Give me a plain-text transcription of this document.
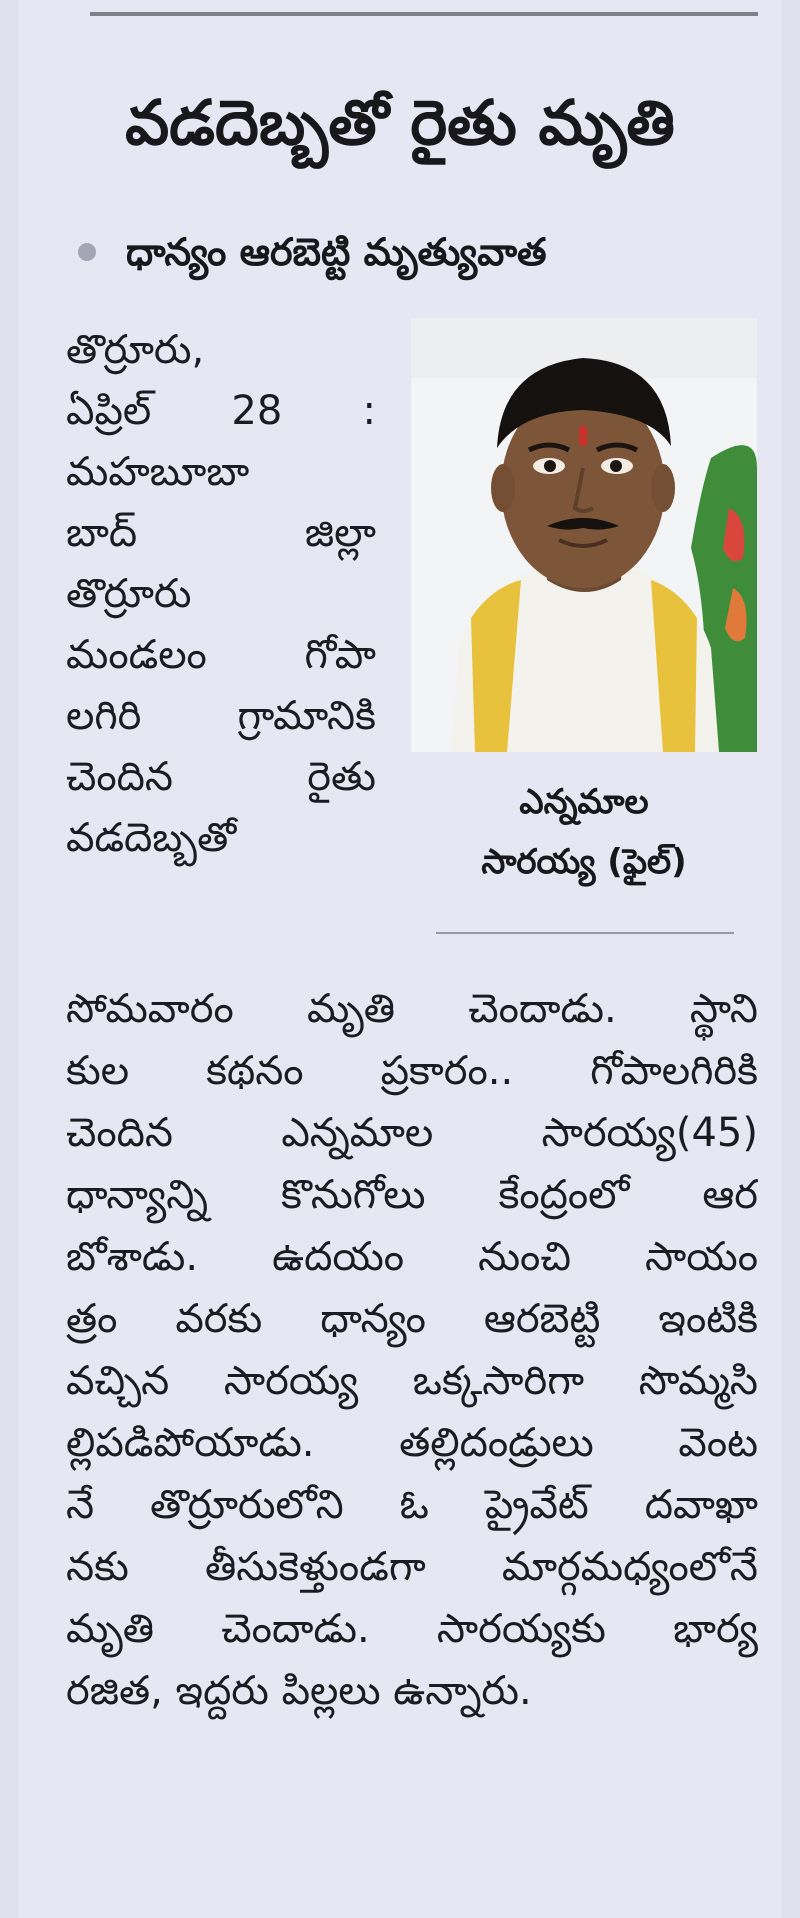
వడదెబ్బతో రైతు మృతి
ధాన్యం ఆరబెట్టి మృత్యువాత
ఎన్నమాల
సారయ్య (ఫైల్)
తొర్రూరు,
ఏప్రిల్ 28 :
మహబూబా
బాద్ జిల్లా
తొర్రూరు
మండలం గోపా
లగిరి గ్రామానికి
చెందిన రైతు
వడదెబ్బతో
సోమవారం మృతి చెందాడు. స్థాని
కుల కథనం ప్రకారం.. గోపాలగిరికి
చెందిన ఎన్నమాల సారయ్య(45)
ధాన్యాన్ని కొనుగోలు కేంద్రంలో ఆర
బోశాడు. ఉదయం నుంచి సాయం
త్రం వరకు ధాన్యం ఆరబెట్టి ఇంటికి
వచ్చిన సారయ్య ఒక్కసారిగా సొమ్మసి
ల్లిపడిపోయాడు. తల్లిదండ్రులు వెంట
నే తొర్రూరులోని ఓ ప్రైవేట్ దవాఖా
నకు తీసుకెళ్తుండగా మార్గమధ్యంలోనే
మృతి చెందాడు. సారయ్యకు భార్య
రజిత, ఇద్దరు పిల్లలు ఉన్నారు.
